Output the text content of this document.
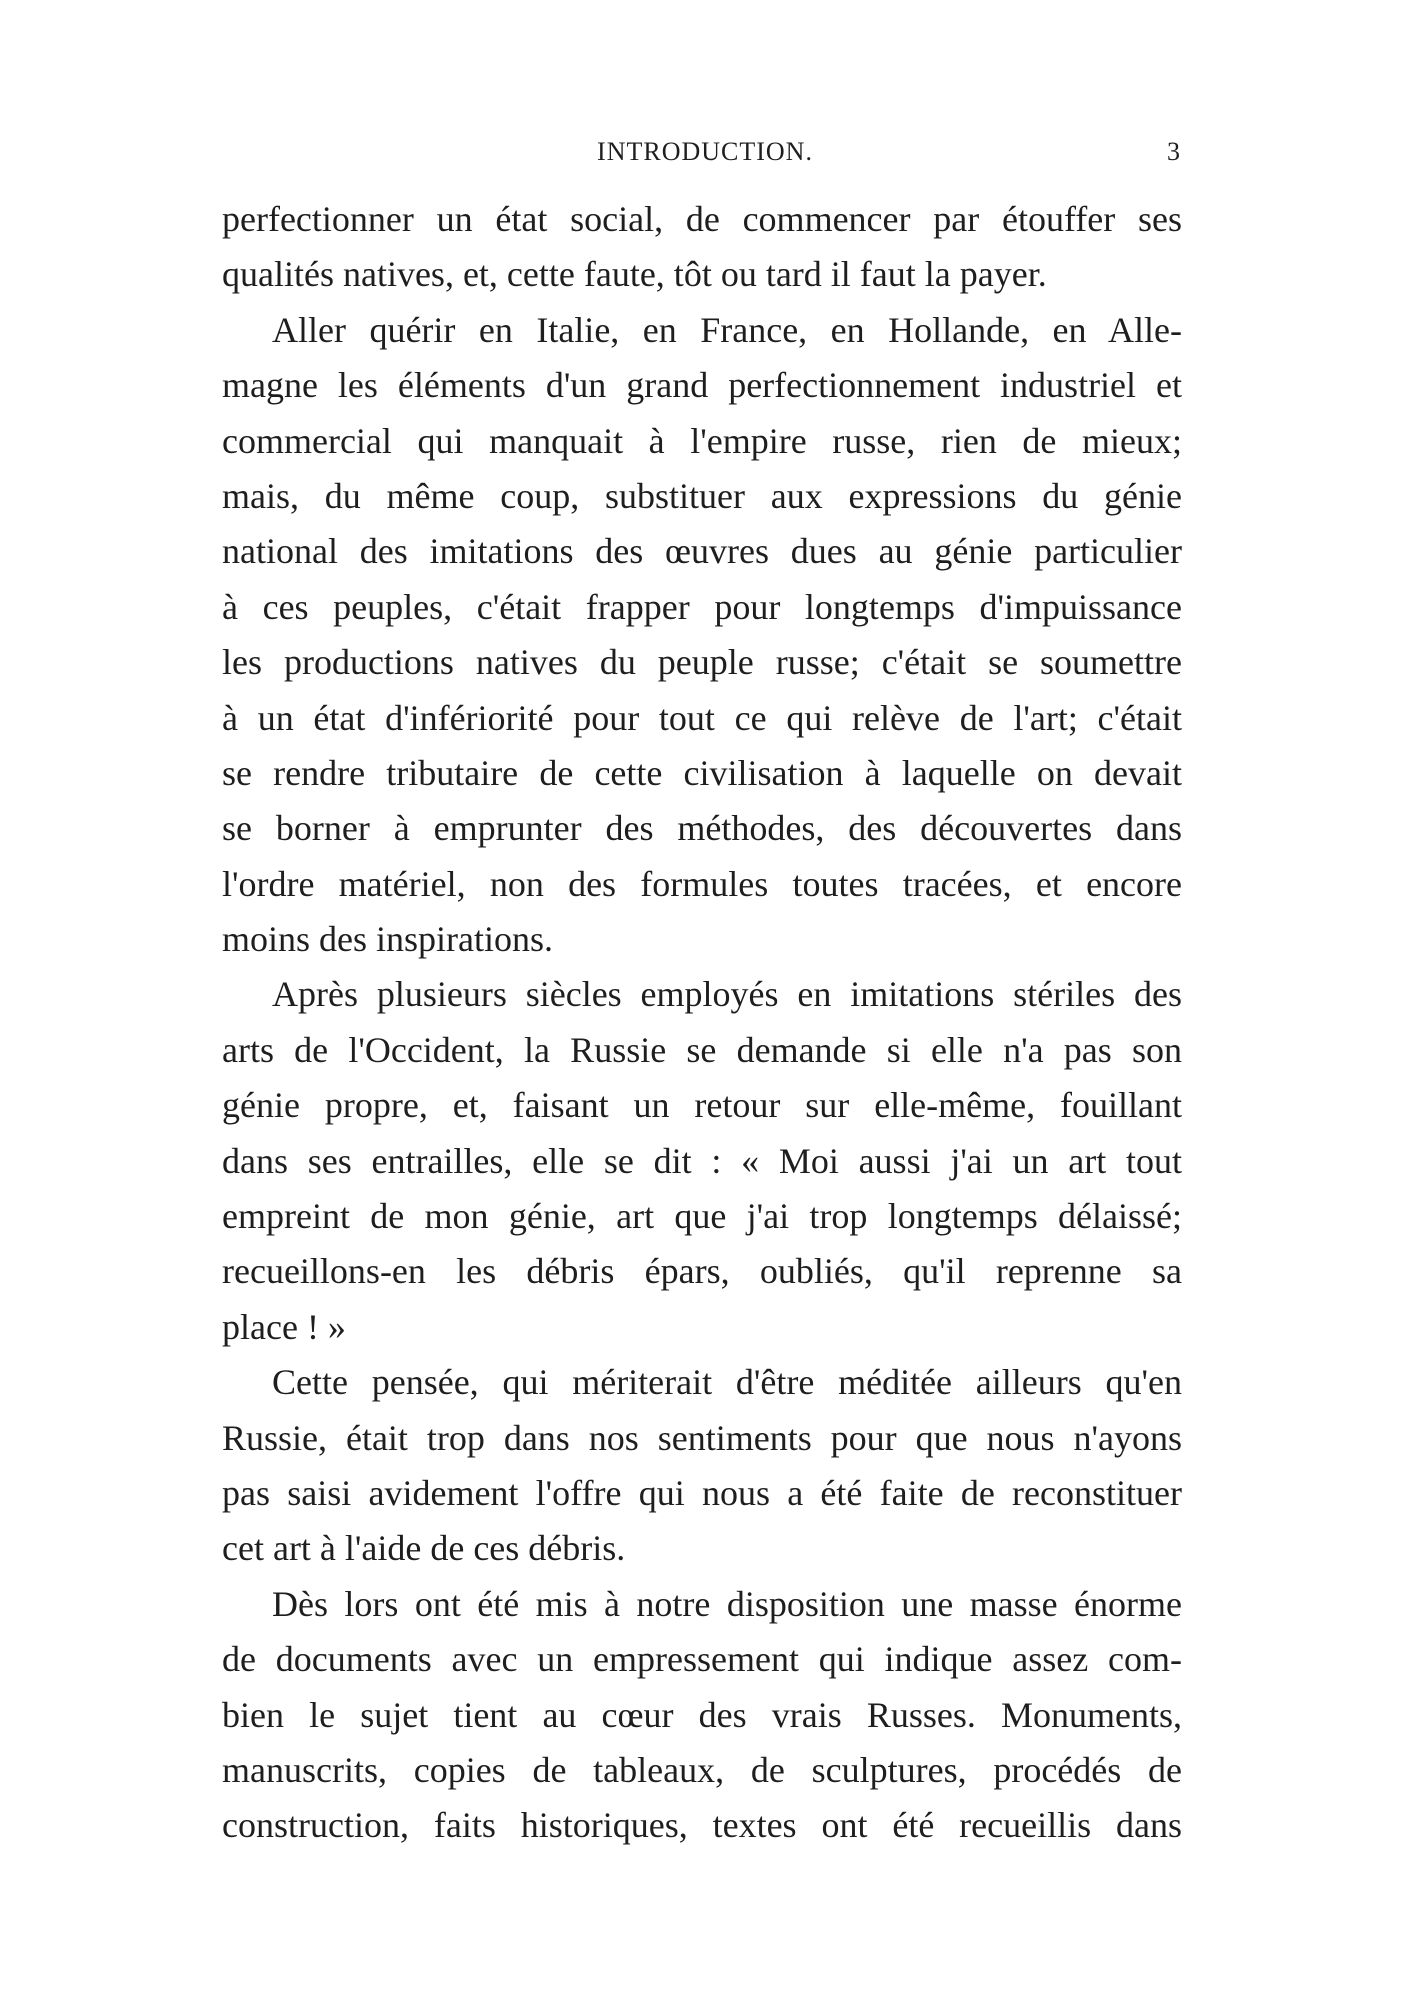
INTRODUCTION.	3
perfectionner un état social, de commencer par étouffer ses
qualités natives, et, cette faute, tôt ou tard il faut la payer.
Aller quérir en Italie, en France, en Hollande, en Alle-
magne les éléments d'un grand perfectionnement industriel et
commercial qui manquait à l'empire russe, rien de mieux;
mais, du même coup, substituer aux expressions du génie
national des imitations des œuvres dues au génie particulier
à ces peuples, c'était frapper pour longtemps d'impuissance
les productions natives du peuple russe; c'était se soumettre
à un état d'infériorité pour tout ce qui relève de l'art; c'était
se rendre tributaire de cette civilisation à laquelle on devait
se borner à emprunter des méthodes, des découvertes dans
l'ordre matériel, non des formules toutes tracées, et encore
moins des inspirations.
Après plusieurs siècles employés en imitations stériles des
arts de l'Occident, la Russie se demande si elle n'a pas son
génie propre, et, faisant un retour sur elle-même, fouillant
dans ses entrailles, elle se dit : « Moi aussi j'ai un art tout
empreint de mon génie, art que j'ai trop longtemps délaissé;
recueillons-en les débris épars, oubliés, qu'il reprenne sa
place ! »
Cette pensée, qui mériterait d'être méditée ailleurs qu'en
Russie, était trop dans nos sentiments pour que nous n'ayons
pas saisi avidement l'offre qui nous a été faite de reconstituer
cet art à l'aide de ces débris.
Dès lors ont été mis à notre disposition une masse énorme
de documents avec un empressement qui indique assez com-
bien le sujet tient au cœur des vrais Russes. Monuments,
manuscrits, copies de tableaux, de sculptures, procédés de
construction, faits historiques, textes ont été recueillis dans
